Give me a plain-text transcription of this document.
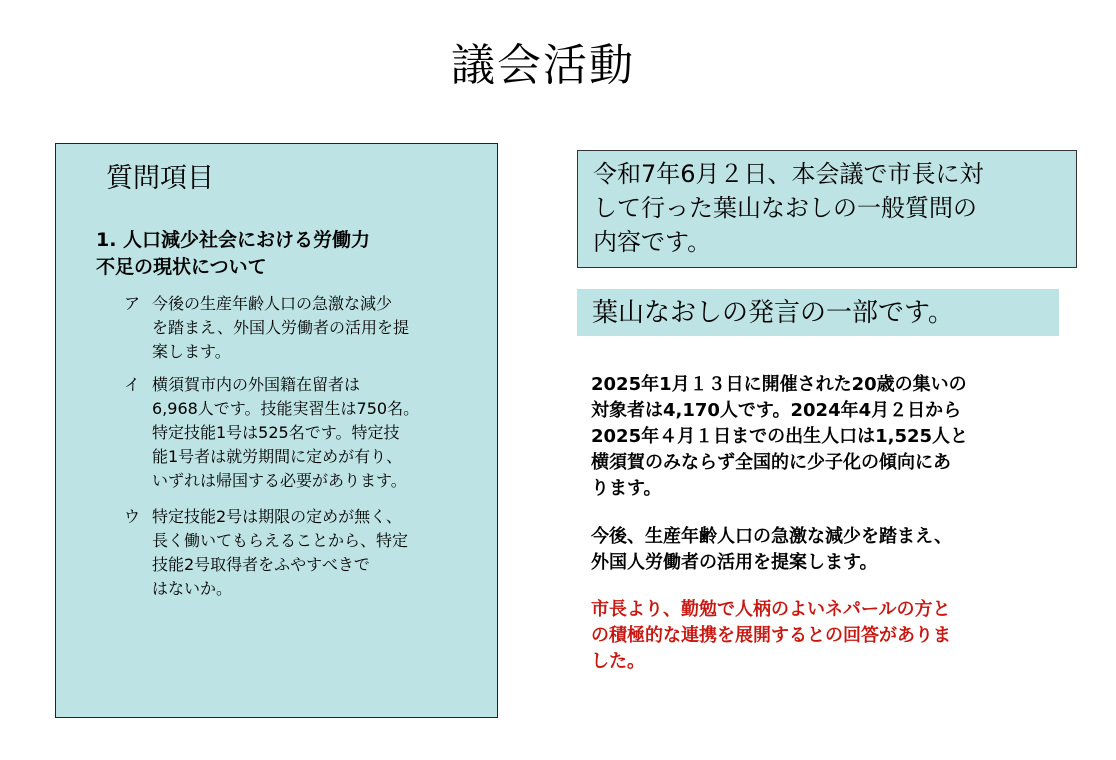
議会活動
質問項目
1. 人口減少社会における労働力
不足の現状について
ア 今後の生産年齢人口の急激な減少
を踏まえ、外国人労働者の活用を提
案します。
イ 横須賀市内の外国籍在留者は
6,968人です。技能実習生は750名。
特定技能1号は525名です。特定技
能1号者は就労期間に定めが有り、
いずれは帰国する必要があります。
ウ 特定技能2号は期限の定めが無く、
長く働いてもらえることから、特定
技能2号取得者をふやすべきで
はないか。
令和7年6月２日、本会議で市長に対
して行った葉山なおしの一般質問の
内容です。
葉山なおしの発言の一部です。
2025年1月１３日に開催された20歳の集いの
対象者は4,170人です。2024年4月２日から
2025年４月１日までの出生人口は1,525人と
横須賀のみならず全国的に少子化の傾向にあ
ります。
今後、生産年齢人口の急激な減少を踏まえ、
外国人労働者の活用を提案します。
市長より、勤勉で人柄のよいネパールの方と
の積極的な連携を展開するとの回答がありま
した。
